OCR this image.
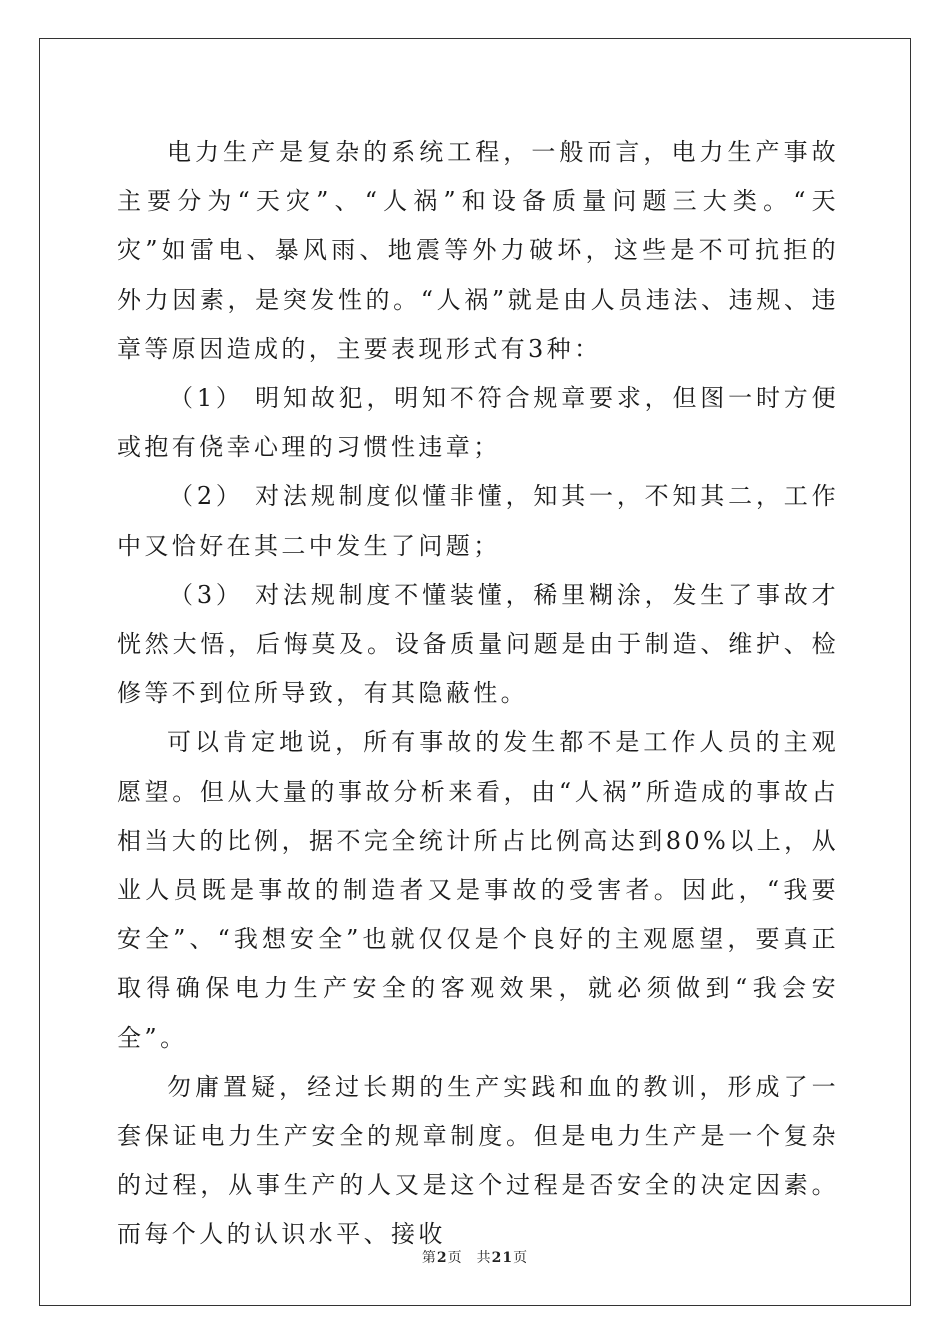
电力生产是复杂的系统工程，一般而言，电力生产事故主要分为“天灾”、“人祸”和设备质量问题三大类。“天灾”如雷电、暴风雨、地震等外力破坏，这些是不可抗拒的外力因素，是突发性的。“人祸”就是由人员违法、违规、违章等原因造成的，主要表现形式有3种：

（1） 明知故犯，明知不符合规章要求，但图一时方便或抱有侥幸心理的习惯性违章；

（2） 对法规制度似懂非懂，知其一，不知其二，工作中又恰好在其二中发生了问题；

（3） 对法规制度不懂装懂，稀里糊涂，发生了事故才恍然大悟，后悔莫及。设备质量问题是由于制造、维护、检修等不到位所导致，有其隐蔽性。

可以肯定地说，所有事故的发生都不是工作人员的主观愿望。但从大量的事故分析来看，由“人祸”所造成的事故占相当大的比例，据不完全统计所占比例高达到80%以上，从业人员既是事故的制造者又是事故的受害者。因此，“我要安全”、“我想安全”也就仅仅是个良好的主观愿望，要真正取得确保电力生产安全的客观效果，就必须做到“我会安全”。

勿庸置疑，经过长期的生产实践和血的教训，形成了一套保证电力生产安全的规章制度。但是电力生产是一个复杂的过程，从事生产的人又是这个过程是否安全的决定因素。而每个人的认识水平、接收

第2页 共21页
